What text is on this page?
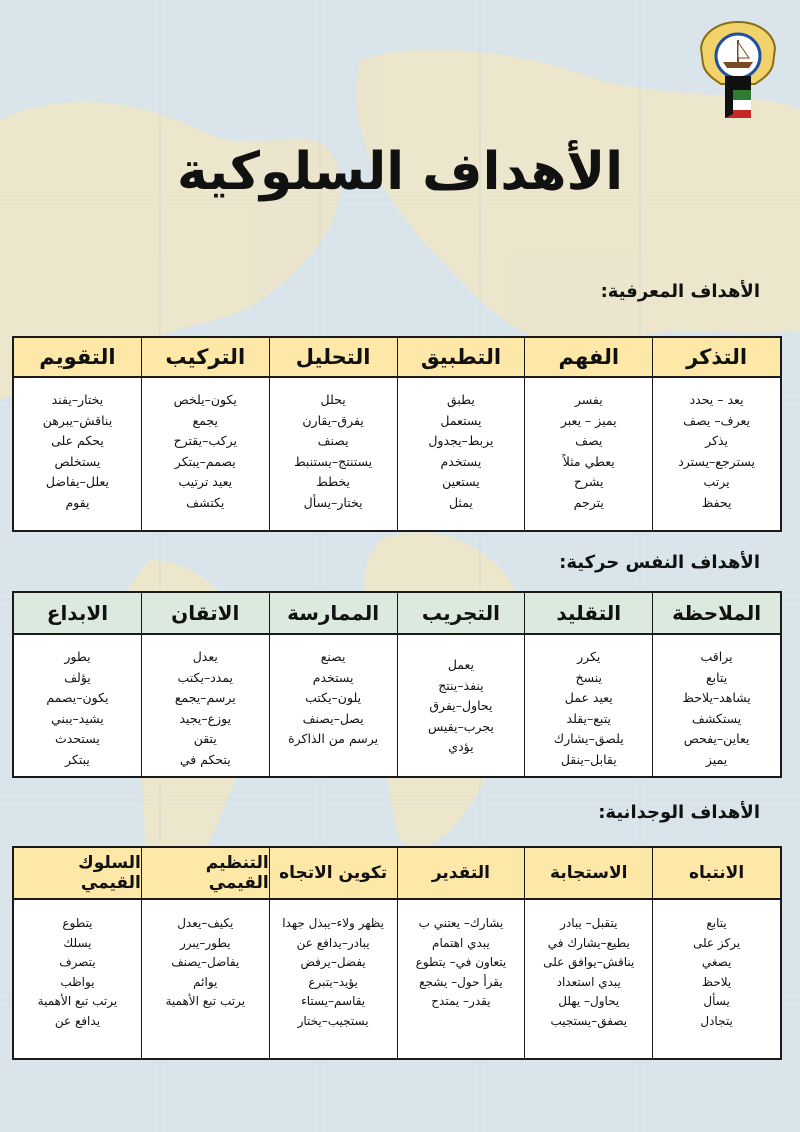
الأهداف السلوكية
الأهداف المعرفية:
التذكر
يعد – يحدد
يعرف– يصف
يذكر
يسترجع–يسترد
يرتب
يحفظ
الفهم
يفسر
يميز – يعبر
يصف
يعطي مثلاً
يشرح
يترجم
التطبيق
يطبق
يستعمل
يربط–يجدول
يستخدم
يستعين
يمثل
التحليل
يحلل
يفرق–يقارن
يصنف
يستنتج–يستنبط
يخطط
يختار–يسأل
التركيب
يكون–يلخص
يجمع
يركب–يقترح
يصمم–يبتكر
يعيد ترتيب
يكتشف
التقويم
يختار–يفند
يناقش–يبرهن
يحكم على
يستخلص
يعلل–يفاضل
يقوم
الأهداف النفس حركية:
الملاحظة
يراقب
يتابع
يشاهد–يلاحظ
يستكشف
يعاين–يفحص
يميز
التقليد
يكرر
ينسخ
يعيد عمل
يتبع–يقلد
يلصق–يشارك
يقابل–ينقل
التجريب
يعمل
ينفذ–ينتج
يحاول–يفرق
يجرب–يقيس
يؤدي
الممارسة
يصنع
يستخدم
يلون–يكتب
يصل–يصنف
يرسم من الذاكرة
الاتقان
يعدل
يمدد–يكتب
يرسم–يجمع
يوزع–يجيد
يتقن
يتحكم في
الابداع
يطور
يؤلف
يكون–يصمم
يشيد–يبني
يستحدث
يبتكر
الأهداف الوجدانية:
الانتباه
يتابع
يركز على
يصغي
يلاحظ
يسأل
يتجادل
الاستجابة
يتقبل– يبادر
يطيع–يشارك في
يناقش–يوافق على
يبدي استعداد
يحاول– يهلل
يصفق–يستجيب
التقدير
يشارك– يعتني ب
يبدي اهتمام
يتعاون في– يتطوع
يقرأ حول– يشجع
يقدر– يمتدح
تكوين الاتجاه
يظهر ولاء–يبذل جهدا
يبادر–يدافع عن
يفضل–يرفض
يؤيد–يتبرع
يقاسم–يستاء
يستجيب–يختار
التنظيم القيمي
يكيف–يعدل
يطور–يبرر
يفاضل–يصنف
يوائم
يرتب تبع الأهمية
السلوك القيمي
يتطوع
يسلك
يتصرف
يواظب
يرتب تبع الأهمية
يدافع عن
